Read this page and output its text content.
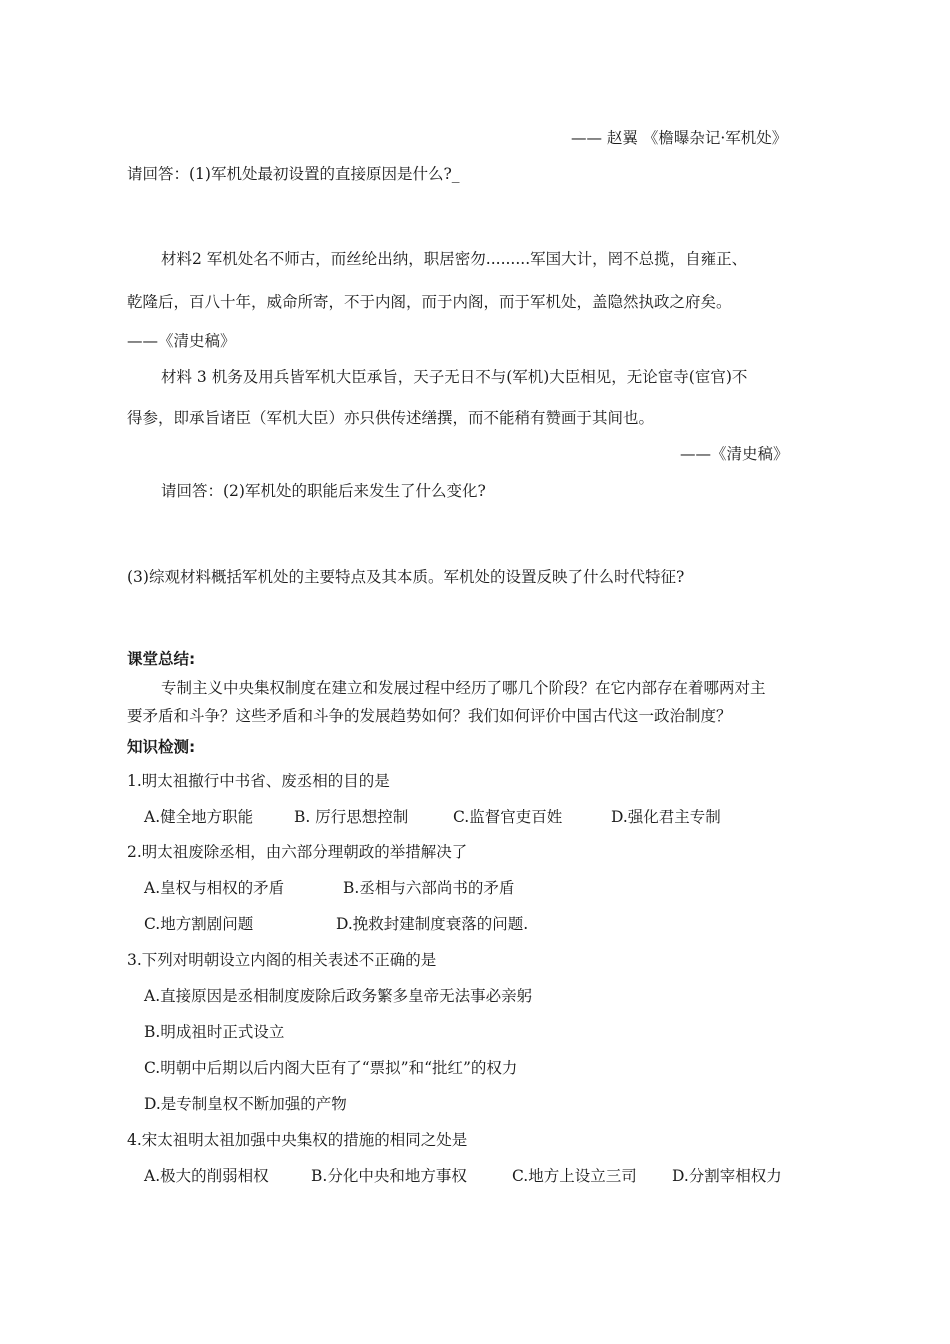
—— 赵翼 《檐曝杂记·军机处》
请回答：(1)军机处最初设置的直接原因是什么?_
材料2 军机处名不师古，而丝纶出纳，职居密勿.........军国大计，罔不总揽，自雍正、
乾隆后，百八十年，威命所寄，不于内阁，而于内阁，而于军机处，盖隐然执政之府矣。
——《清史稿》
材料 3 机务及用兵皆军机大臣承旨，天子无日不与(军机)大臣相见，无论宦寺(宦官)不
得参，即承旨诸臣（军机大臣）亦只供传述缮撰，而不能稍有赞画于其间也。
——《清史稿》
请回答：(2)军机处的职能后来发生了什么变化?
(3)综观材料概括军机处的主要特点及其本质。军机处的设置反映了什么时代特征?
课堂总结:
专制主义中央集权制度在建立和发展过程中经历了哪几个阶段？在它内部存在着哪两对主
要矛盾和斗争？这些矛盾和斗争的发展趋势如何？我们如何评价中国古代这一政治制度？
知识检测:
1.明太祖撤行中书省、废丞相的目的是
A.健全地方职能	B. 厉行思想控制	C.监督官吏百姓	D.强化君主专制
2.明太祖废除丞相，由六部分理朝政的举措解决了
A.皇权与相权的矛盾	B.丞相与六部尚书的矛盾
C.地方割剧问题	D.挽救封建制度衰落的问题.
3.下列对明朝设立内阁的相关表述不正确的是
A.直接原因是丞相制度废除后政务繁多皇帝无法事必亲躬
B.明成祖时正式设立
C.明朝中后期以后内阁大臣有了“票拟”和“批红”的权力
D.是专制皇权不断加强的产物
4.宋太祖明太祖加强中央集权的措施的相同之处是
A.极大的削弱相权	B.分化中央和地方事权	C.地方上设立三司 D.分割宰相权力
